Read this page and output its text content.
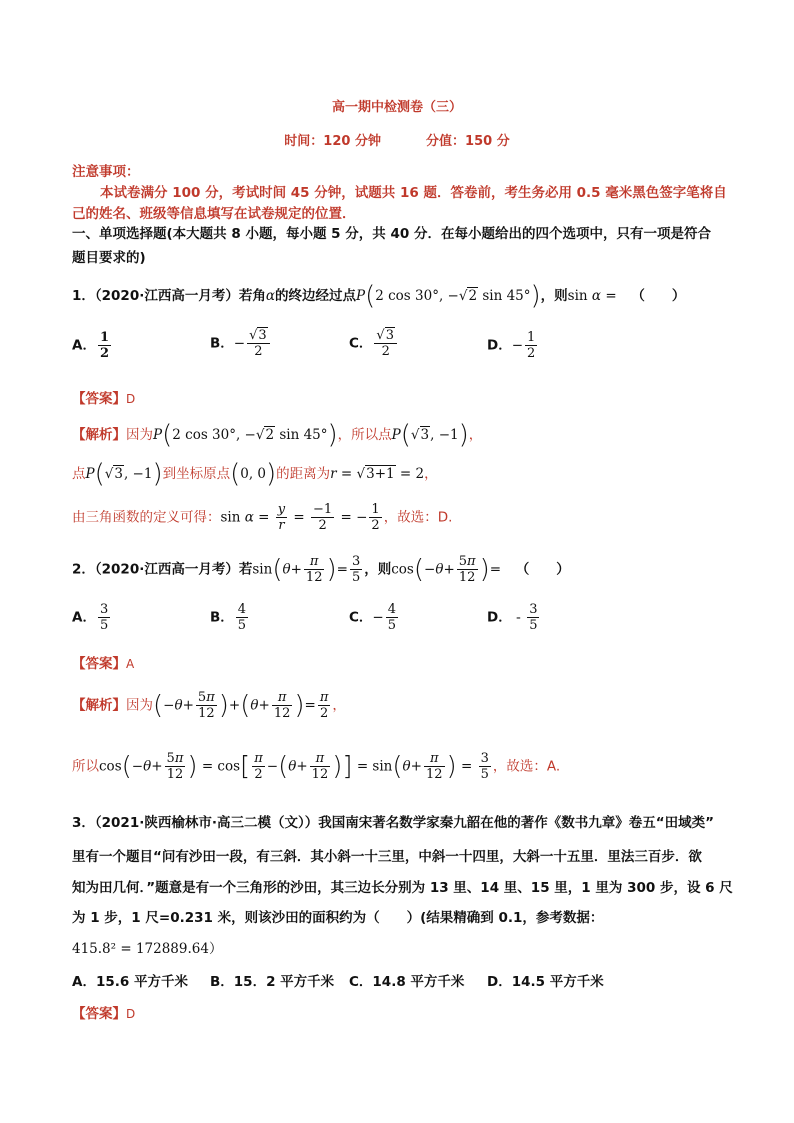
高一期中检测卷（三）
时间：120 分钟	分值：150 分
注意事项：
本试卷满分 100 分，考试时间 45 分钟，试题共 16 题．答卷前，考生务必用 0.5 毫米黑色签字笔将自
己的姓名、班级等信息填写在试卷规定的位置．
一、单项选择题(本大题共 8 小题，每小题 5 分，共 40 分．在每小题给出的四个选项中，只有一项是符合
题目要求的)
1．（2020·江西高一月考）若角α的终边经过点P(2 cos 30°, −√2 sin 45°)，则sin α = （　　）
A． $\frac{1}{2}$	B．− $\frac{√3}{2}$	C． $\frac{√3}{2}$	D．− $\frac{1}{2}$
【答案】D
【解析】因为P(2 cos 30°, −√2 sin 45°)，所以点P(√3, −1)，
点P(√3, −1)到坐标原点(0, 0)的距离为r = √3+1 = 2，
由三角函数的定义可得：$\sin \alpha = \frac{y}{r} = \frac{-1}{2}$ = − $\frac{1}{2}$ ，故选：D.
2．（2020·江西高一月考）若$\sin(\theta+ \frac{\pi}{12}$ )= $\frac{3}{5}$ ，则$\cos(-\theta+ \frac{5\pi}{12}$ )= （　　）
A． $\frac{3}{5}$	B． $\frac{4}{5}$	C．− $\frac{4}{5}$	D． - $\frac{3}{5}$
【答案】A
【解析】因为$(-\theta+ \frac{5\pi}{12} )+(\theta+ \frac{\pi}{12}$ )= $\frac{\pi}{2}$ ，
所以$\cos(-\theta+ \frac{5\pi}{12}$ ) = $\cos[ \frac{\pi}{2} -(\theta+ \frac{\pi}{12}$ )] = $\sin(\theta+ \frac{\pi}{12}$ ) = $\frac{3}{5}$ ，故选：A.
3．（2021·陕西榆林市·高三二模（文））我国南宋著名数学家秦九韶在他的著作《数书九章》卷五“田域类”
里有一个题目“问有沙田一段，有三斜．其小斜一十三里，中斜一十四里，大斜一十五里．里法三百步．欲
知为田几何．”题意是有一个三角形的沙田，其三边长分别为 13 里、14 里、15 里，1 里为 300 步，设 6 尺
为 1 步，1 尺=0.231 米，则该沙田的面积约为（　　）(结果精确到 0.1，参考数据：
415.8² = 172889.64）
A．15.6 平方千米 B．15．2 平方千米 C．14.8 平方千米 D．14.5 平方千米
【答案】D
